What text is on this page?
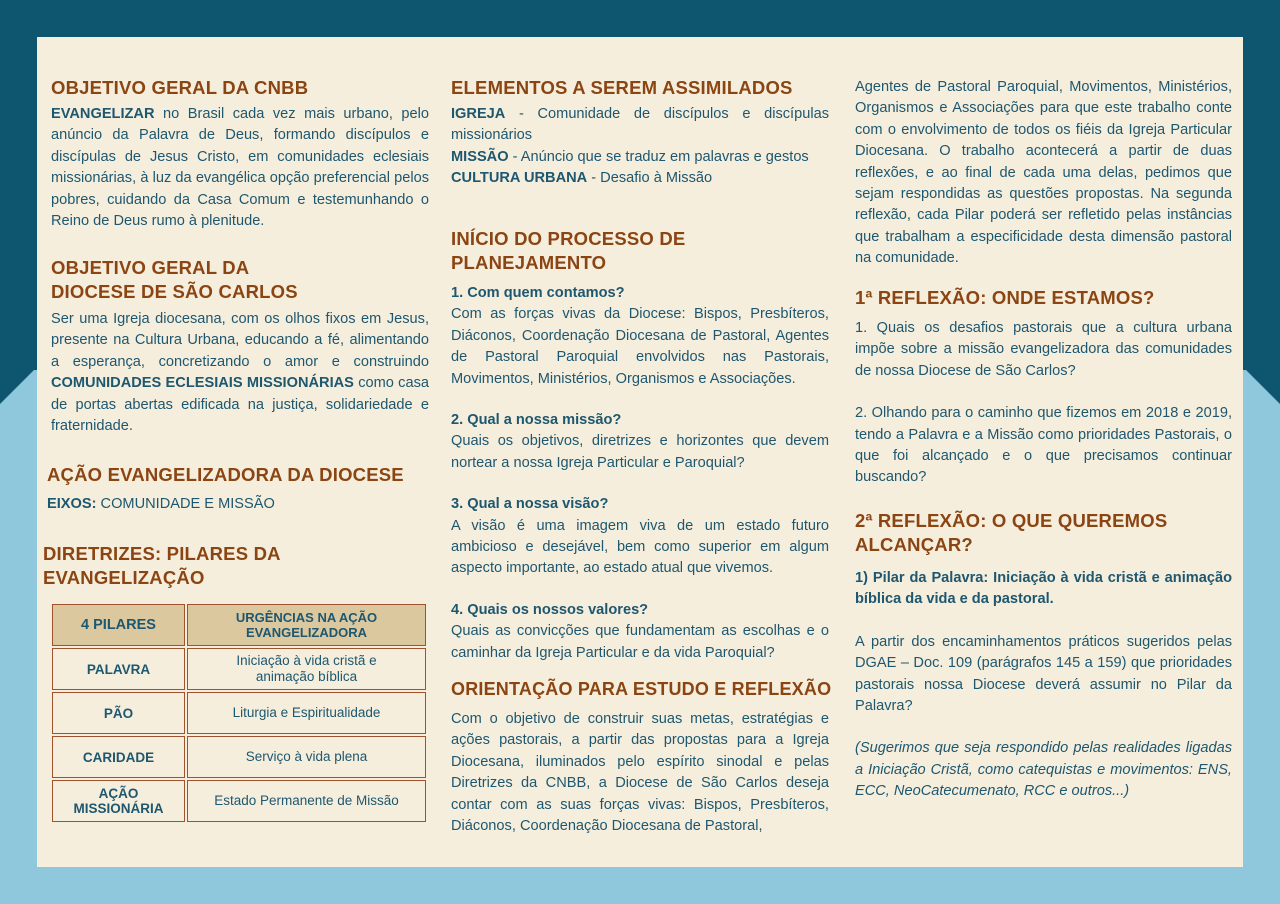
OBJETIVO GERAL DA CNBB

EVANGELIZAR no Brasil cada vez mais urbano, pelo anúncio da Palavra de Deus, formando discípulos e discípulas de Jesus Cristo, em comunidades eclesiais missionárias, à luz da evangélica opção preferencial pelos pobres, cuidando da Casa Comum e testemunhando o Reino de Deus rumo à plenitude.

OBJETIVO GERAL DA
DIOCESE DE SÃO CARLOS

Ser uma Igreja diocesana, com os olhos fixos em Jesus, presente na Cultura Urbana, educando a fé, alimentando a esperança, concretizando o amor e construindo COMUNIDADES ECLESIAIS MISSIONÁRIAS como casa de portas abertas edificada na justiça, solidariedade e fraternidade.

AÇÃO EVANGELIZADORA DA DIOCESE

EIXOS: COMUNIDADE E MISSÃO

DIRETRIZES: PILARES DA
EVANGELIZAÇÃO
4 PILARES	URGÊNCIAS NA AÇÃO EVANGELIZADORA
PALAVRA	Iniciação à vida cristã e animação bíblica
PÃO	Liturgia e Espiritualidade
CARIDADE	Serviço à vida plena
AÇÃO MISSIONÁRIA	Estado Permanente de Missão
ELEMENTOS A SEREM ASSIMILADOS

IGREJA - Comunidade de discípulos e discípulas missionários

MISSÃO - Anúncio que se traduz em palavras e gestos

CULTURA URBANA - Desafio à Missão

INÍCIO DO PROCESSO DE
PLANEJAMENTO

1. Com quem contamos?

Com as forças vivas da Diocese: Bispos, Presbíteros, Diáconos, Coordenação Diocesana de Pastoral, Agentes de Pastoral Paroquial envolvidos nas Pastorais, Movimentos, Ministérios, Organismos e Associações.

2. Qual a nossa missão?

Quais os objetivos, diretrizes e horizontes que devem nortear a nossa Igreja Particular e Paroquial?

3. Qual a nossa visão?

A visão é uma imagem viva de um estado futuro ambicioso e desejável, bem como superior em algum aspecto importante, ao estado atual que vivemos.

4. Quais os nossos valores?

Quais as convicções que fundamentam as escolhas e o caminhar da Igreja Particular e da vida Paroquial?

ORIENTAÇÃO PARA ESTUDO E REFLEXÃO

Com o objetivo de construir suas metas, estratégias e ações pastorais, a partir das propostas para a Igreja Diocesana, iluminados pelo espírito sinodal e pelas Diretrizes da CNBB, a Diocese de São Carlos deseja contar com as suas forças vivas: Bispos, Presbíteros, Diáconos, Coordenação Diocesana de Pastoral,

Agentes de Pastoral Paroquial, Movimentos, Ministérios, Organismos e Associações para que este trabalho conte com o envolvimento de todos os fiéis da Igreja Particular Diocesana. O trabalho acontecerá a partir de duas reflexões, e ao final de cada uma delas, pedimos que sejam respondidas as questões propostas. Na segunda reflexão, cada Pilar poderá ser refletido pelas instâncias que trabalham a especificidade desta dimensão pastoral na comunidade.

1ª REFLEXÃO: ONDE ESTAMOS?

1. Quais os desafios pastorais que a cultura urbana impõe sobre a missão evangelizadora das comunidades de nossa Diocese de São Carlos?

2. Olhando para o caminho que fizemos em 2018 e 2019, tendo a Palavra e a Missão como prioridades Pastorais, o que foi alcançado e o que precisamos continuar buscando?

2ª REFLEXÃO: O QUE QUEREMOS
ALCANÇAR?

1) Pilar da Palavra: Iniciação à vida cristã e animação bíblica da vida e da pastoral.

A partir dos encaminhamentos práticos sugeridos pelas DGAE – Doc. 109 (parágrafos 145 a 159) que prioridades pastorais nossa Diocese deverá assumir no Pilar da Palavra?

(Sugerimos que seja respondido pelas realidades ligadas a Iniciação Cristã, como catequistas e movimentos: ENS, ECC, NeoCatecumenato, RCC e outros...)
